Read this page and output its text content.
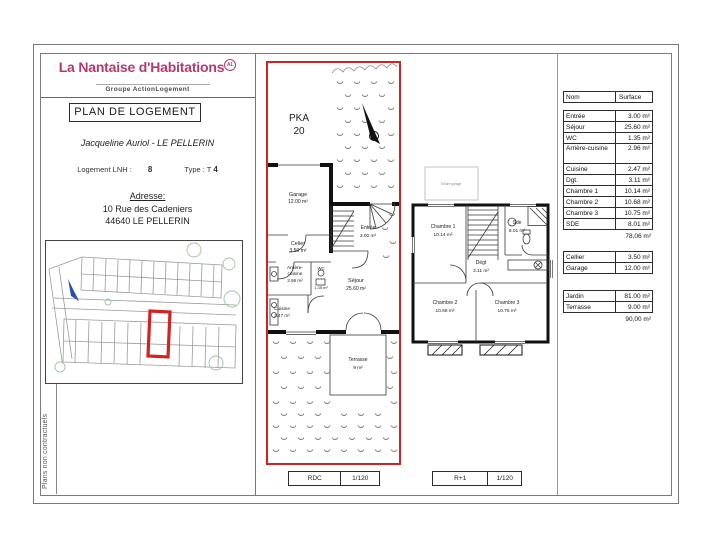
La Nantaise d'Habitations AL
Groupe ActionLogement
PLAN DE LOGEMENT
Jacqueline Auriol - LE PELLERIN
Logement LNH : 8	Type : T 4
Adresse:
10 Rue des Cadeniers
44640 LE PELLERIN
Plans non contractuels
PKA
20
Garage
12.00 m²
Celier
3.50 m²
Arrière-
cuisine
2.96 m²
WC
1.35 m²
Cuisine
2.47 m²
Entrée
3.00 m²
Séjour
25.60 m²
Terrasse
9 m²
Toiture garage
Chambre 1
10.14 m²
Sde
8.01 m²
Dégt
3.11 m²
Chambre 2
10.68 m²
Chambre 3
10.75 m²
RDC	1/120	R+1	1/120
Nom	Surface
Entrée	3.00 m²
Séjour	25.60 m²
WC	1.35 m²
Arrière-cuisine	2.96 m²
Cuisine	2.47 m²
Dgt.	3.11 m²
Chambre 1	10.14 m²
Chambre 2	10.68 m²
Chambre 3	10.75 m²
SDE	8.01 m²
78,06 m²
Cellier	3.50 m²
Garage	12.00 m²
Jardin	81.00 m²
Terrasse	9.00 m²
90,00 m²
